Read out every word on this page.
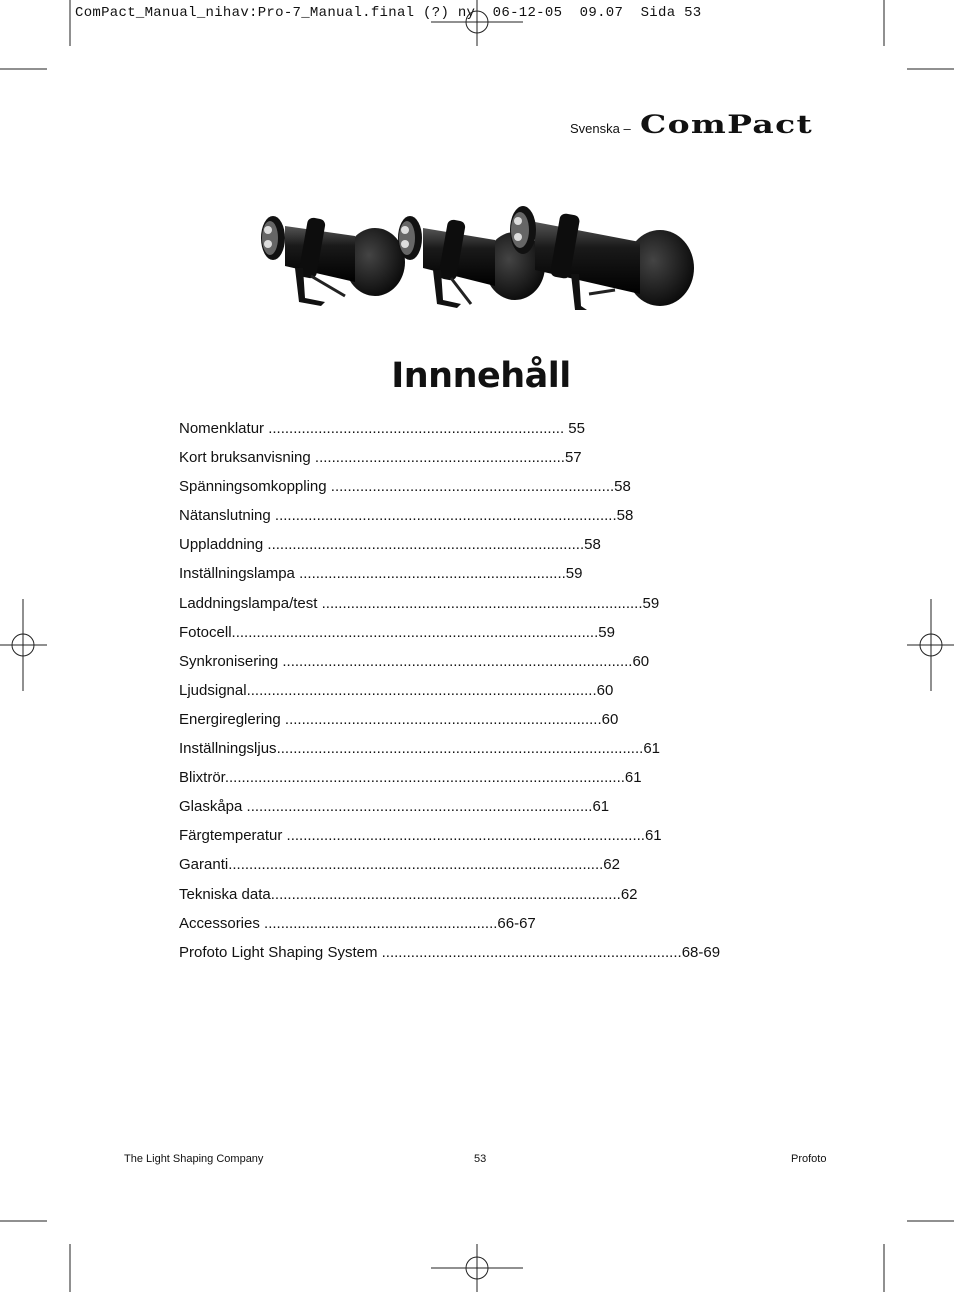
ComPact_Manual_nihav:Pro-7_Manual.final (?) ny  06-12-05  09.07  Sida 53
Svenska – ComPact
Innnehåll
Nomenklatur ....................................................................... 55
Kort bruksanvisning ............................................................57
Spänningsomkoppling ....................................................................58
Nätanslutning ..................................................................................58
Uppladdning ............................................................................58
Inställningslampa ................................................................59
Laddningslampa/test .............................................................................59
Fotocell........................................................................................59
Synkronisering ....................................................................................60
Ljudsignal....................................................................................60
Energireglering ............................................................................60
Inställningsljus........................................................................................61
Blixtrör................................................................................................61
Glaskåpa ...................................................................................61
Färgtemperatur ......................................................................................61
Garanti..........................................................................................62
Tekniska data....................................................................................62
Accessories ........................................................66-67
Profoto Light Shaping System ........................................................................68-69
The Light Shaping Company	53	Profoto
